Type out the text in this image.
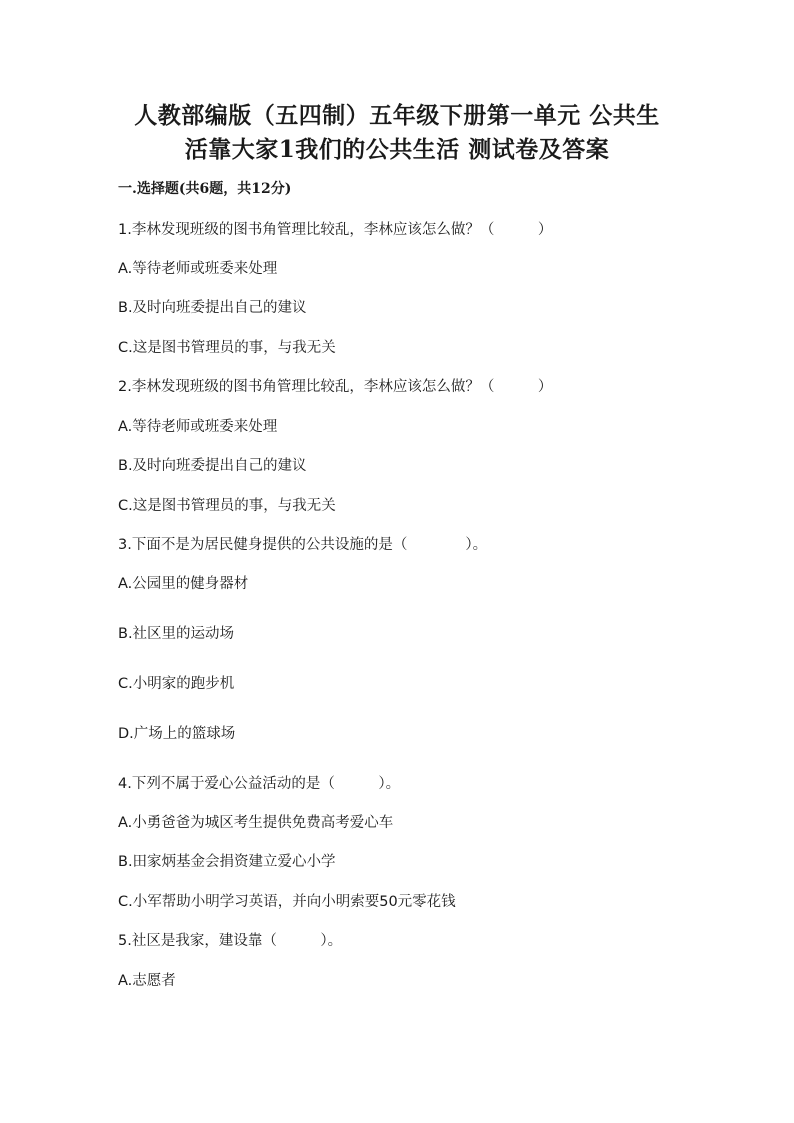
人教部编版（五四制）五年级下册第一单元 公共生
活靠大家1我们的公共生活 测试卷及答案
一.选择题(共6题，共12分)
1.李林发现班级的图书角管理比较乱，李林应该怎么做？（　　　）
A.等待老师或班委来处理
B.及时向班委提出自己的建议
C.这是图书管理员的事，与我无关
2.李林发现班级的图书角管理比较乱，李林应该怎么做？（　　　）
A.等待老师或班委来处理
B.及时向班委提出自己的建议
C.这是图书管理员的事，与我无关
3.下面不是为居民健身提供的公共设施的是（　　　　）。
A.公园里的健身器材
B.社区里的运动场
C.小明家的跑步机
D.广场上的篮球场
4.下列不属于爱心公益活动的是（　　　）。
A.小勇爸爸为城区考生提供免费高考爱心车
B.田家炳基金会捐资建立爱心小学
C.小军帮助小明学习英语，并向小明索要50元零花钱
5.社区是我家，建设靠（　　　）。
A.志愿者
